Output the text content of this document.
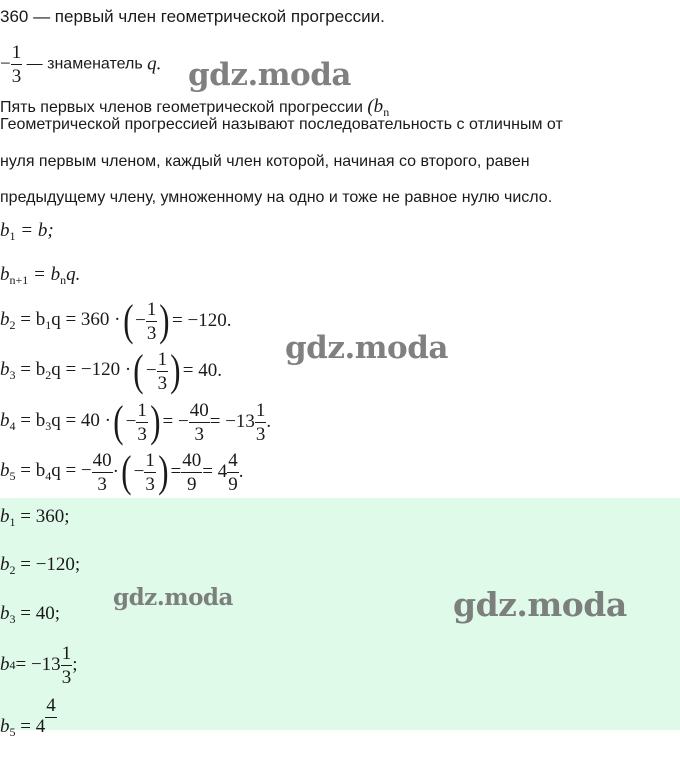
360 — первый член геометрической прогрессии.
− $\frac{1}{3}$ — знаменатель q.
Пять первых членов геометрической прогрессии ($b_n$
Геометрической прогрессией называют последовательность с отличным от
нуля первым членом, каждый член которой, начиная со второго, равен
предыдущему члену, умноженному на одно и тоже не равное нулю число.
$b_1 = b$;
$b_{n+1} = b_nq$.
$b_2 = b_1q = 360$ · ( − $\frac{1}{3}$ ) = −120.
$b_3 = b_2q = -120$ · ( − $\frac{1}{3}$ ) = 40.
$b_4 = b_3q = 40$ · ( − $\frac{1}{3}$ ) = − $\frac{40}{3} = -13 \frac{1}{3}$ .
$b_5 = b_4q$ = − $\frac{40}{3}$ · ( − $\frac{1}{3}$ ) = $\frac{40}{9} = 4 \frac{4}{9}$ .
$b_1 = 360$;
$b_2 = -120$;
$b_3 = 40$;
b $4 = -13 \frac{1}{3}$ ;
$b_5 = 4$
4
gdz.moda
gdz.moda
gdz.moda	gdz.moda
